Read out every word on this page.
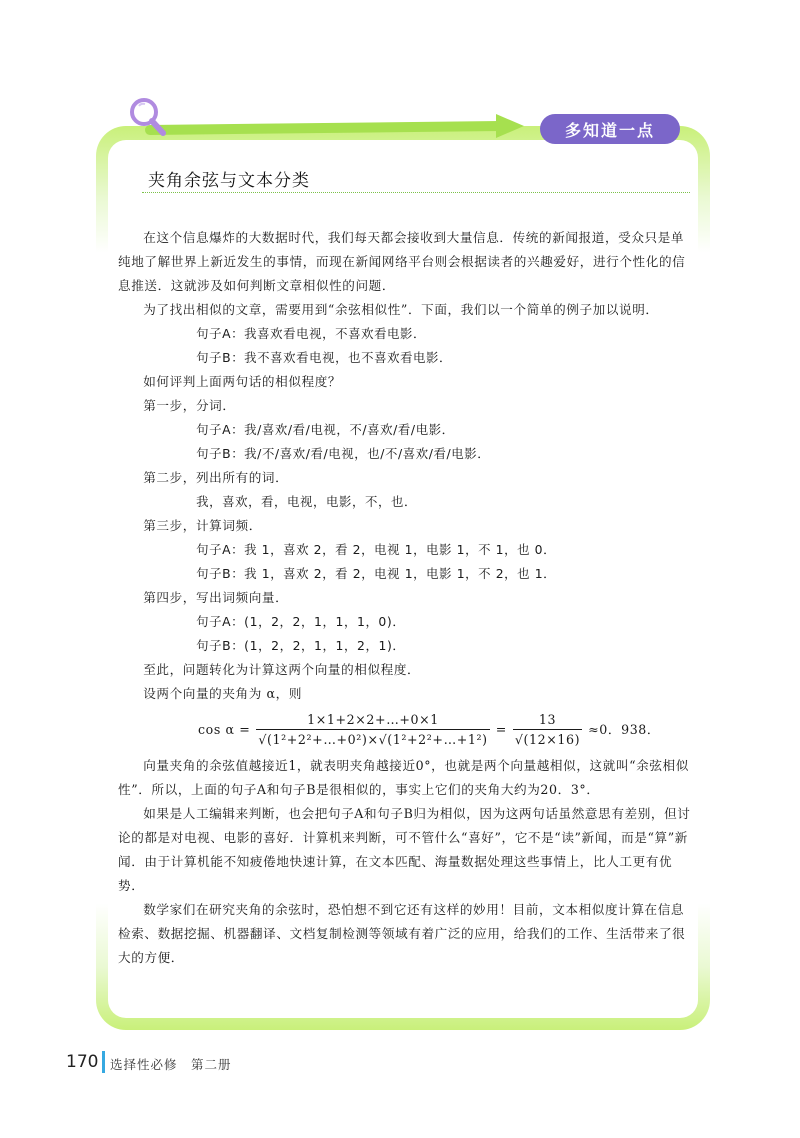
多知道一点
夹角余弦与文本分类

在这个信息爆炸的大数据时代，我们每天都会接收到大量信息．传统的新闻报道，受众只是单纯地了解世界上新近发生的事情，而现在新闻网络平台则会根据读者的兴趣爱好，进行个性化的信息推送．这就涉及如何判断文章相似性的问题．

为了找出相似的文章，需要用到“余弦相似性”．下面，我们以一个简单的例子加以说明．

句子A：我喜欢看电视，不喜欢看电影．

句子B：我不喜欢看电视，也不喜欢看电影．

如何评判上面两句话的相似程度？

第一步，分词．

句子A：我/喜欢/看/电视，不/喜欢/看/电影．

句子B：我/不/喜欢/看/电视，也/不/喜欢/看/电影．

第二步，列出所有的词．

我，喜欢，看，电视，电影，不，也．

第三步，计算词频．

句子A：我 1，喜欢 2，看 2，电视 1，电影 1，不 1，也 0．

句子B：我 1，喜欢 2，看 2，电视 1，电影 1，不 2，也 1．

第四步，写出词频向量．

句子A：(1，2，2，1，1，1，0)．

句子B：(1，2，2，1，1，2，1)．

至此，问题转化为计算这两个向量的相似程度．

设两个向量的夹角为 α，则

$\cos \alpha = \frac{1\times 1+2\times 2+\dots+0\times 1}{\text{√(1²+2²+…+0²)×√(1²+2²+…+1²)}} = \frac{13}{√(12\times 16)} \approx 0$．938．

向量夹角的余弦值越接近1，就表明夹角越接近0°，也就是两个向量越相似，这就叫“余弦相似性”．所以，上面的句子A和句子B是很相似的，事实上它们的夹角大约为20．3°．

如果是人工编辑来判断，也会把句子A和句子B归为相似，因为这两句话虽然意思有差别，但讨论的都是对电视、电影的喜好．计算机来判断，可不管什么“喜好”，它不是“读”新闻，而是“算”新闻．由于计算机能不知疲倦地快速计算，在文本匹配、海量数据处理这些事情上，比人工更有优势．

数学家们在研究夹角的余弦时，恐怕想不到它还有这样的妙用！目前，文本相似度计算在信息检索、数据挖掘、机器翻译、文档复制检测等领域有着广泛的应用，给我们的工作、生活带来了很大的方便．

170 选择性必修　第二册
